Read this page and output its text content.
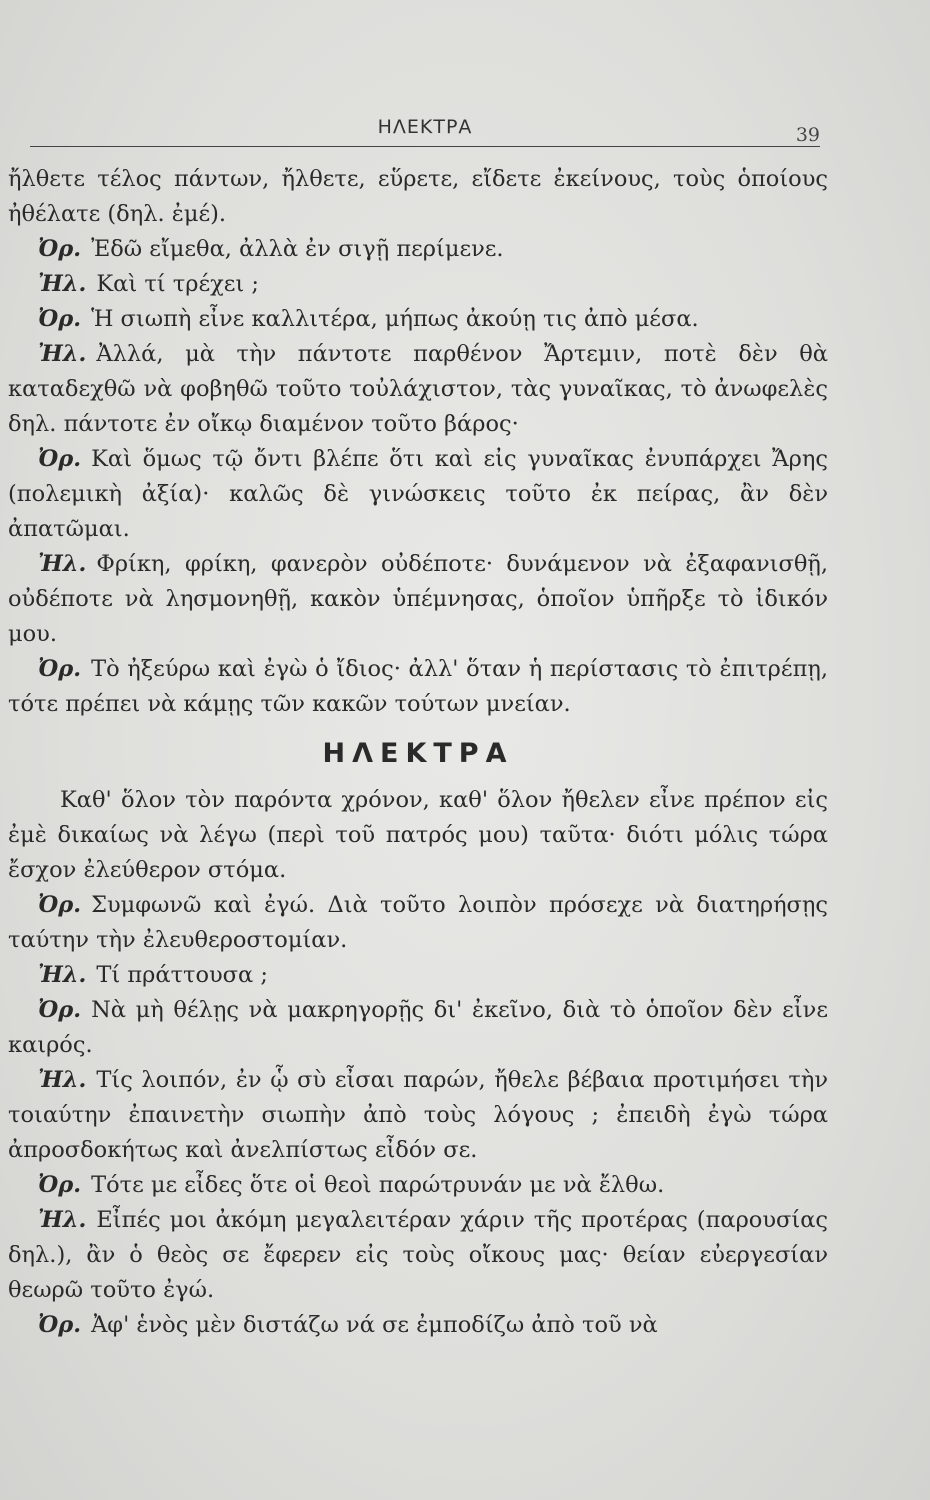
ΗΛΕΚΤΡΑ	39

ἤλθετε τέλος πάντων, ἤλθετε, εὕρετε, εἴδετε ἐκείνους, τοὺς ὁποίους ἠθέλατε (δηλ. ἐμέ).

Ὀρ. Ἐδῶ εἴμεθα, ἀλλὰ ἐν σιγῇ περίμενε.

Ἠλ. Καὶ τί τρέχει ;

Ὀρ. Ἡ σιωπὴ εἶνε καλλιτέρα, μήπως ἀκούῃ τις ἀπὸ μέσα.

Ἠλ. Ἀλλά, μὰ τὴν πάντοτε παρθένον Ἄρτεμιν, ποτὲ δὲν θὰ καταδεχθῶ νὰ φοβηθῶ τοῦτο τοὐλάχιστον, τὰς γυναῖκας, τὸ ἀνωφελὲς δηλ. πάντοτε ἐν οἴκῳ διαμένον τοῦτο βάρος·

Ὀρ. Καὶ ὅμως τῷ ὄντι βλέπε ὅτι καὶ εἰς γυναῖκας ἐνυπάρχει Ἄρης (πολεμικὴ ἀξία)· καλῶς δὲ γινώσκεις τοῦτο ἐκ πείρας, ἂν δὲν ἀπατῶμαι.

Ἠλ. Φρίκη, φρίκη, φανερὸν οὐδέποτε· δυνάμενον νὰ ἐξαφανισθῇ, οὐδέποτε νὰ λησμονηθῇ, κακὸν ὑπέμνησας, ὁποῖον ὑπῆρξε τὸ ἰδικόν μου.

Ὀρ. Τὸ ἠξεύρω καὶ ἐγὼ ὁ ἴδιος· ἀλλ' ὅταν ἡ περίστασις τὸ ἐπιτρέπῃ, τότε πρέπει νὰ κάμῃς τῶν κακῶν τούτων μνείαν.

ΗΛΕΚΤΡΑ

Καθ' ὅλον τὸν παρόντα χρόνον, καθ' ὅλον ἤθελεν εἶνε πρέπον εἰς ἐμὲ δικαίως νὰ λέγω (περὶ τοῦ πατρός μου) ταῦτα· διότι μόλις τώρα ἔσχον ἐλεύθερον στόμα.

Ὀρ. Συμφωνῶ καὶ ἐγώ. Διὰ τοῦτο λοιπὸν πρόσεχε νὰ διατηρήσῃς ταύτην τὴν ἐλευθεροστομίαν.

Ἠλ. Τί πράττουσα ;

Ὀρ. Νὰ μὴ θέλῃς νὰ μακρηγορῇς δι' ἐκεῖνο, διὰ τὸ ὁποῖον δὲν εἶνε καιρός.

Ἠλ. Τίς λοιπόν, ἐν ᾧ σὺ εἶσαι παρών, ἤθελε βέβαια προτιμήσει τὴν τοιαύτην ἐπαινετὴν σιωπὴν ἀπὸ τοὺς λόγους ; ἐπειδὴ ἐγὼ τώρα ἀπροσδοκήτως καὶ ἀνελπίστως εἶδόν σε.

Ὀρ. Τότε με εἶδες ὅτε οἱ θεοὶ παρώτρυνάν με νὰ ἔλθω.

Ἠλ. Εἶπές μοι ἀκόμη μεγαλειτέραν χάριν τῆς προτέρας (παρουσίας δηλ.), ἂν ὁ θεὸς σε ἔφερεν εἰς τοὺς οἴκους μας· θείαν εὐεργεσίαν θεωρῶ τοῦτο ἐγώ.

Ὀρ. Ἀφ' ἑνὸς μὲν διστάζω νά σε ἐμποδίζω ἀπὸ τοῦ νὰ
